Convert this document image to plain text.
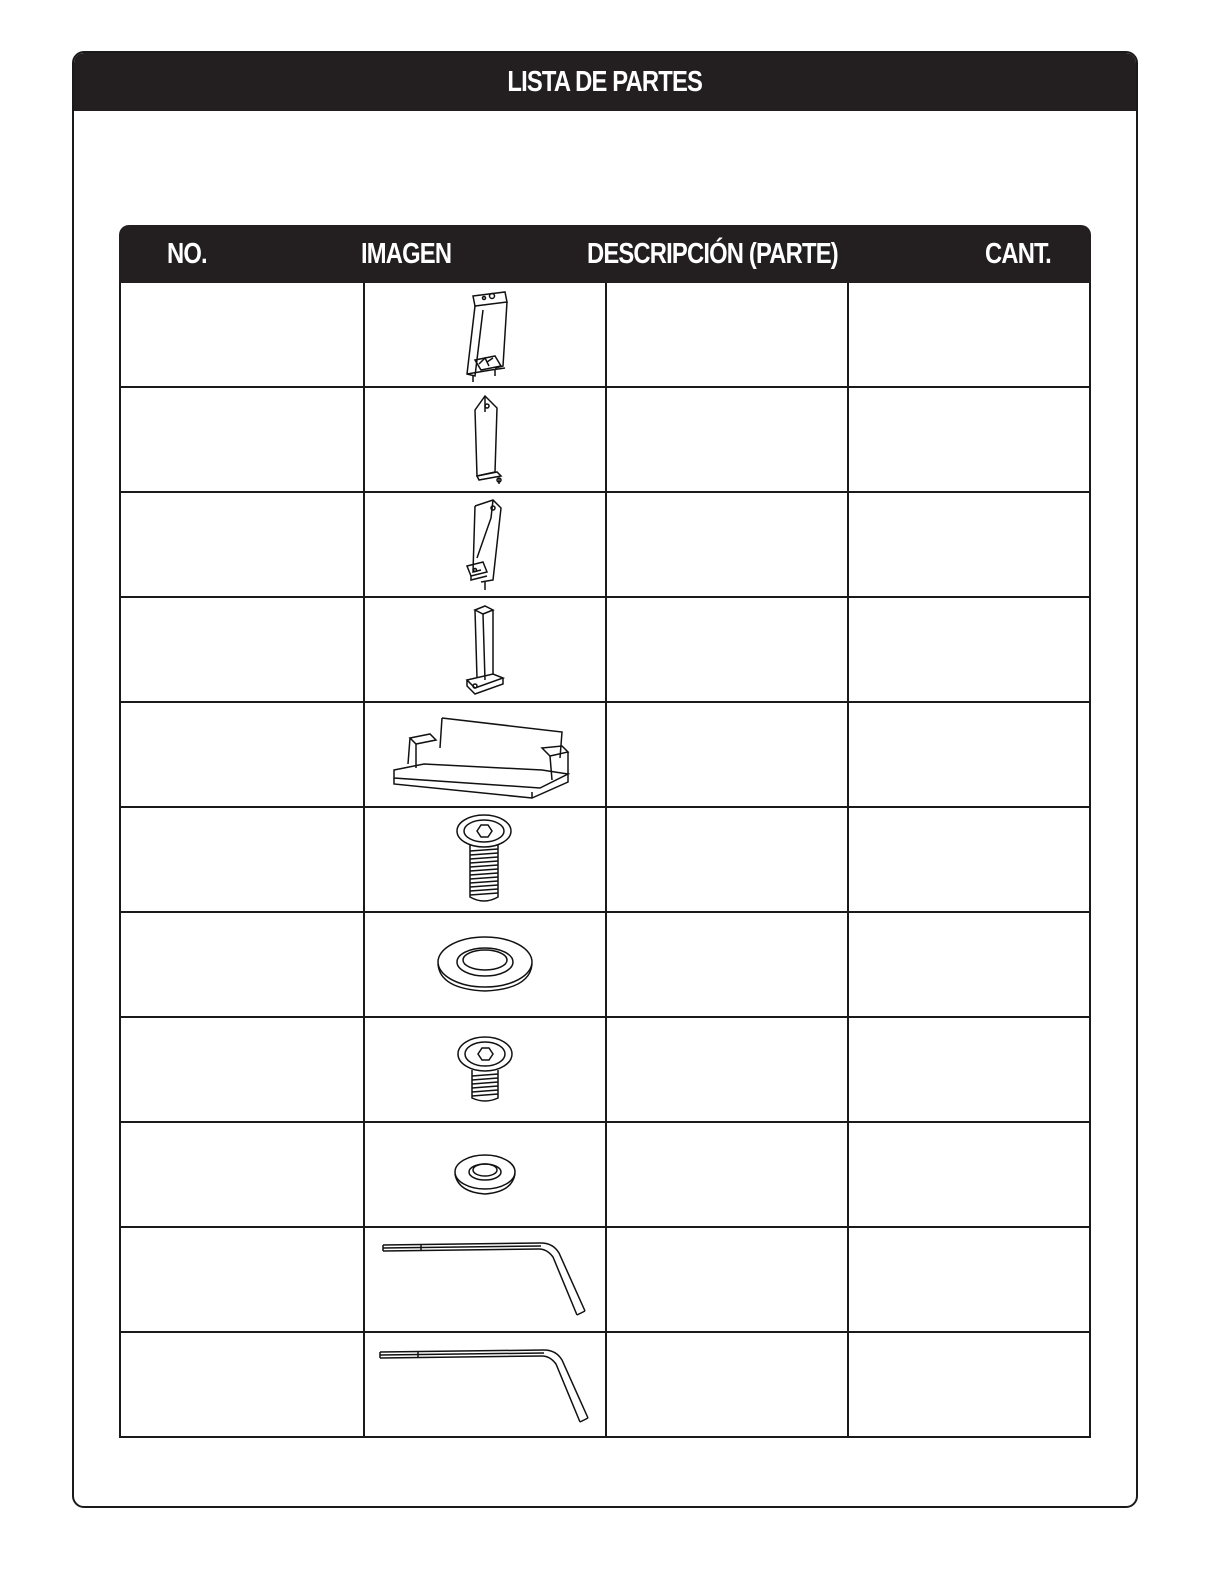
LISTA DE PARTES
NO.	IMAGEN	DESCRIPCIÓN (PARTE)	CANT.
